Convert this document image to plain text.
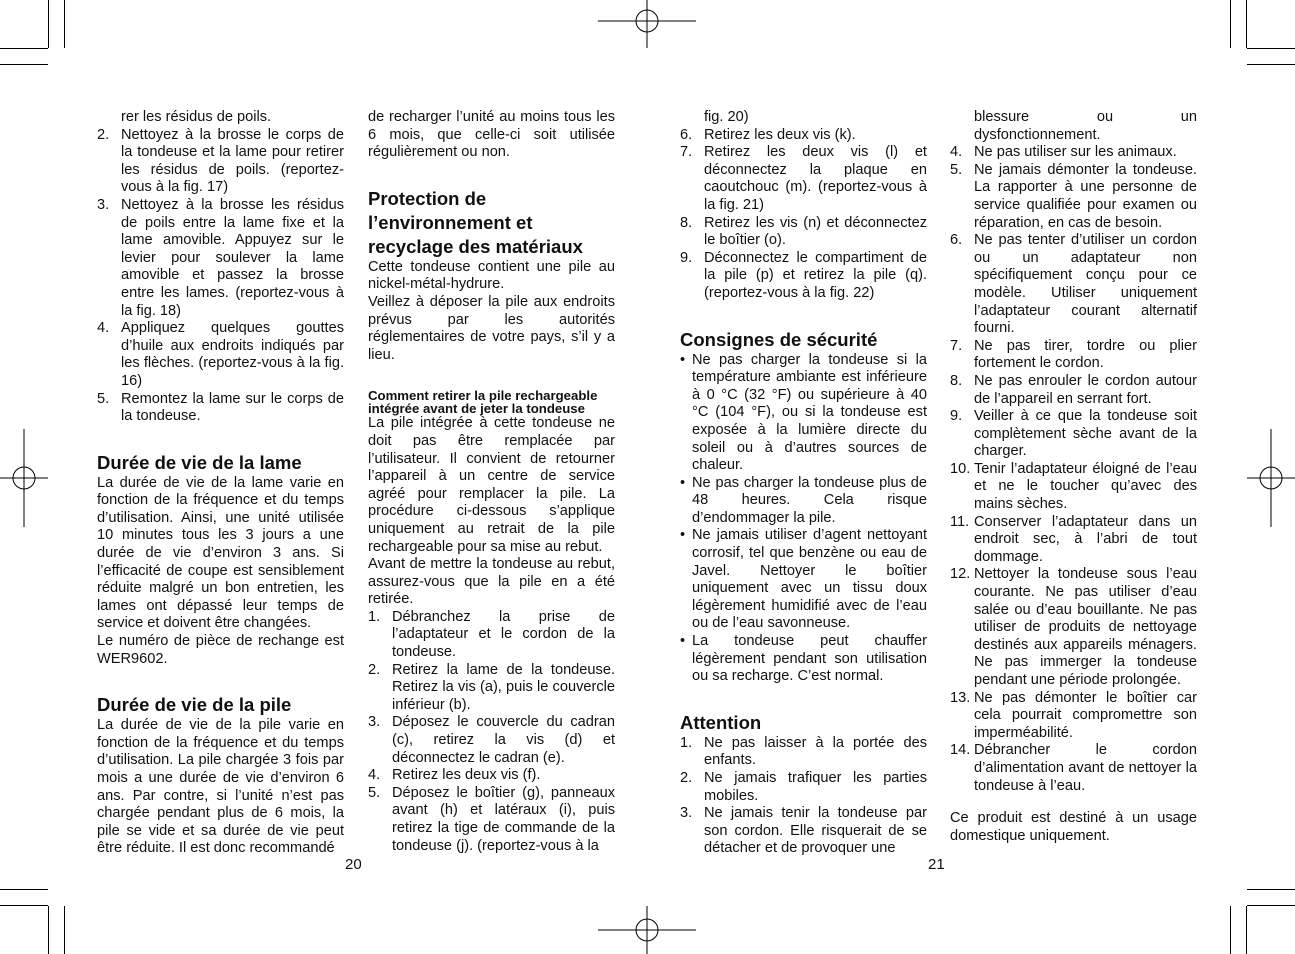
rer les résidus de poils.

2. Nettoyez à la brosse le corps de la tondeuse et la lame pour retirer les résidus de poils. (reportez-vous à la fig. 17)
3. Nettoyez à la brosse les résidus de poils entre la lame fixe et la lame amovible. Appuyez sur le levier pour soulever la lame amovible et passez la brosse entre les lames. (reportez-vous à la fig. 18)
4. Appliquez quelques gouttes d’huile aux endroits indiqués par les flèches. (reportez-vous à la fig. 16)
5. Remontez la lame sur le corps de la tondeuse.
Durée de vie de la lame

La durée de vie de la lame varie en fonction de la fréquence et du temps d’utilisation. Ainsi, une unité utilisée 10 minutes tous les 3 jours a une durée de vie d’environ 3 ans. Si l’efficacité de coupe est sensiblement réduite malgré un bon entretien, les lames ont dépassé leur temps de service et doivent être changées.

Le numéro de pièce de rechange est WER9602.

Durée de vie de la pile

La durée de vie de la pile varie en fonction de la fréquence et du temps d’utilisation. La pile chargée 3 fois par mois a une durée de vie d’environ 6 ans. Par contre, si l’unité n’est pas chargée pendant plus de 6 mois, la pile se vide et sa durée de vie peut être réduite. Il est donc recommandé

de recharger l’unité au moins tous les 6 mois, que celle-ci soit utilisée régulièrement ou non.

Protection de l’environnement et recyclage des matériaux

Cette tondeuse contient une pile au nickel-métal-hydrure.

Veillez à déposer la pile aux endroits prévus par les autorités réglementaires de votre pays, s’il y a lieu.

Comment retirer la pile rechargeable intégrée avant de jeter la tondeuse

La pile intégrée à cette tondeuse ne doit pas être remplacée par l’utilisateur. Il convient de retourner l’appareil à un centre de service agréé pour remplacer la pile. La procédure ci-dessous s’applique uniquement au retrait de la pile rechargeable pour sa mise au rebut.

Avant de mettre la tondeuse au rebut, assurez-vous que la pile en a été retirée.

1. Débranchez la prise de l’adaptateur et le cordon de la tondeuse.
2. Retirez la lame de la tondeuse. Retirez la vis (a), puis le couvercle inférieur (b).
3. Déposez le couvercle du cadran (c), retirez la vis (d) et déconnectez le cadran (e).
4. Retirez les deux vis (f).
5. Déposez le boîtier (g), panneaux avant (h) et latéraux (i), puis retirez la tige de commande de la tondeuse (j). (reportez-vous à la
20

fig. 20)

6. Retirez les deux vis (k).
7. Retirez les deux vis (l) et déconnectez la plaque en caoutchouc (m). (reportez-vous à la fig. 21)
8. Retirez les vis (n) et déconnectez le boîtier (o).
9. Déconnectez le compartiment de la pile (p) et retirez la pile (q). (reportez-vous à la fig. 22)
Consignes de sécurité
• Ne pas charger la tondeuse si la température ambiante est inférieure à 0 °C (32 °F) ou supérieure à 40 °C (104 °F), ou si la tondeuse est exposée à la lumière directe du soleil ou à d’autres sources de chaleur.
• Ne pas charger la tondeuse plus de 48 heures. Cela risque d’endommager la pile.
• Ne jamais utiliser d’agent nettoyant corrosif, tel que benzène ou eau de Javel. Nettoyer le boîtier uniquement avec un tissu doux légèrement humidifié avec de l’eau ou de l’eau savonneuse.
• La tondeuse peut chauffer légèrement pendant son utilisation ou sa recharge. C’est normal.
Attention
1. Ne pas laisser à la portée des enfants.
2. Ne jamais trafiquer les parties mobiles.
3. Ne jamais tenir la tondeuse par son cordon. Elle risquerait de se détacher et de provoquer une

blessure ou un dysfonctionnement.

4. Ne pas utiliser sur les animaux.
5. Ne jamais démonter la tondeuse. La rapporter à une personne de service qualifiée pour examen ou réparation, en cas de besoin.
6. Ne pas tenter d’utiliser un cordon ou un adaptateur non spécifiquement conçu pour ce modèle. Utiliser uniquement l’adaptateur courant alternatif fourni.
7. Ne pas tirer, tordre ou plier fortement le cordon.
8. Ne pas enrouler le cordon autour de l’appareil en serrant fort.
9. Veiller à ce que la tondeuse soit complètement sèche avant de la charger.
10. Tenir l’adaptateur éloigné de l’eau et ne le toucher qu’avec des mains sèches.
11. Conserver l’adaptateur dans un endroit sec, à l’abri de tout dommage.
12. Nettoyer la tondeuse sous l’eau courante. Ne pas utiliser d’eau salée ou d’eau bouillante. Ne pas utiliser de produits de nettoyage destinés aux appareils ménagers. Ne pas immerger la tondeuse pendant une période prolongée.
13. Ne pas démonter le boîtier car cela pourrait compromettre son imperméabilité.
14. Débrancher le cordon d’alimentation avant de nettoyer la tondeuse à l’eau.

Ce produit est destiné à un usage domestique uniquement.

21
